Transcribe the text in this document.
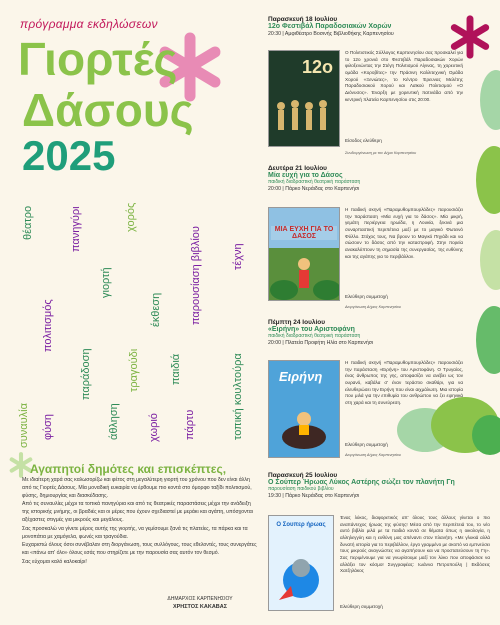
πρόγραμμα εκδηλώσεων
Γιορτές
Δάσους
2025
θέατρο	πανηγύρι	χορός
πολιτισμός
γιορτή
έκθεση	παρουσίαση βιβλίου	τέχνη
συναυλία φύση
παράδοση
άθληση
τραγούδι
χωριό
παιδιά
πάρτυ	τοπική κουλτούρα
Αγαπητοί δημότες και επισκέπτες,

Με ιδιαίτερη χαρά σας καλωσορίζω και φέτος στη μεγαλύτερη γιορτή του χρόνου που δεν είναι άλλη από τις Γιορτές Δάσους. Μία μοναδική ευκαιρία να έρθουμε πιο κοντά στο όμορφο ταξίδι πολιτισμού, φύσης, δημιουργίας και διασκέδασης.

Από τις συναυλίες μέχρι τα τοπικά πανηγύρια και από τις θεατρικές παραστάσεις μέχρι την ανάδειξη της ιστορικής μνήμης, οι βραδιές και οι μέρες που έχουν σχεδιαστεί με μεράκι και αγάπη, υπόσχονται αξέχαστες στιγμές για μικρούς και μεγάλους.

Σας προσκαλώ να γίνετε μέρος αυτής της γιορτής, να γεμίσουμε ξανά τις πλατείες, τα πάρκα και τα μονοπάτια με χαμόγελα, φωνές και τραγούδια.

Ευχαριστώ όλους όσοι συνέβαλαν στη διοργάνωση, τους συλλόγους, τους εθελοντές, τους συνεργάτες και «πάνω απ' όλο» όλους εσάς που στηρίζετε με την παρουσία σας αυτόν τον θεσμό.

Σας εύχομαι καλό καλοκαίρι!

ΔΗΜΑΡΧΟΣ ΚΑΡΠΕΝΗΣΙΟΥ
ΧΡΗΣΤΟΣ ΚΑΚΑΒΑΣ
Παρασκευή 18 Ιουλίου
12ο Φεστιβάλ Παραδοσιακών Χορών
20:30 | Αμφιθέατρο Βοσινής Βιβλιοθήκης Καρπενησίου
12ο
Ο Πολιτιστικός Σύλλογος Καρπενησίου σας προσκαλεί για το 12ο χρονιά στο Φεστιβάλ Παραδοσιακών Χορών φιλοξενώντας την Στέγη Πολιτισμού Αίγινας, τη χορευτική ομάδα «Κοροβίτες» την Πράσινη Καλλιτεχνική Ομάδα Χορού «Ξενιώτες», το Κέντρο Έρευνας Μελέτης Παραδοσιακού Χορού και Λαϊκού Πολιτισμού «Ο Διόνυσος». Έναρξη με χορευτική πατινάδα από την κεντρική πλατεία Καρπενησίου στις 20:00.
Είσοδος ελεύθερη
Συνδιοργάνωση με τον Δήμο Καρπενησίου
Δευτέρα 21 Ιουλίου
Μία ευχή για το Δάσος
παιδική διαδραστική θεατρική παράσταση
20:00 | Πάρκο Νεράιδας στο Καρπενήσι
ΜΙΑ ΕΥΧΗ ΓΙΑ ΤΟ ΔΑΣΟΣ
Η παιδική σκηνή «Παραμυθομπουρλόδες» παρουσιάζει την παράσταση «Μία ευχή για το δάσος». Μία μικρή, γεμάτη περιέργεια ηρωίδα, η Λουκία, ξεκινά μια συναρπαστική περιπέτεια μαζί με το μαγικό Φωτεινό Φύλλο. Στόχος τους, Να βρουν το Μαγικό Πηγάδι και να σώσουν το δάσος από την καταστροφή. Στην πορεία ανακαλύπτουν τη σημασία της συνεργασίας, της ευθύνης και της αγάπης για το περιβάλλον.
Ελεύθερη συμμετοχή
Διοργάνωση Δήμος Καρπενησίου
Πέμπτη 24 Ιουλίου
«Ειρήνη» του Αριστοφάνη
παιδική διαδραστική θεατρική παράσταση
20:00 | Πλατεία Προφήτη Ηλία στο Καρπενήσι
Ειρήνη
Η παιδική σκηνή «Παραμυθομπουρλόδες» παρουσιάζει την παράσταση «Ειρήνη» του Αριστοφάνη. Ο Τρυγαίος, ένας άνθρωπος της γης, αποφασίζει να ανέβει ως τον ουρανό, καβάλα σ' έναν τεράστιο σκαθάρι, για να ελευθερώσει την Ειρήνη που είναι αιχμάλωτη. Μια ιστορία που μιλά για την επιθυμία του ανθρώπου να ζει ειρηνικά στη χαρά και τη συνεύρεση.
Ελεύθερη συμμετοχή
Διοργάνωση Δήμος Καρπενησίου
Παρασκευή 25 Ιουλίου
Ο Σούπερ Ήρωας Λύκος Αστέρης σώζει τον πλανήτη Γη
παρουσίαση παιδικού βιβλίου
19:30 | Πάρκο Νεράιδας στο Καρπενήσι
Ο Σουπερ ήρωας
Ένας λύκος, διαφορετικός απ' όλους τους άλλους γίνεται ο πιο αναπάντεχος ήρωας της φύσης! Μέσα από την περιπέτειά του, το νέο αυτό βιβλίο μιλά με τα παιδιά κοντά σε θέματα όπως η οικολογία, η αλληλεγγύη και η ευθύνη μας απέναντι στον πλανήτη. «Με γλυκιά αλλά δυνατή ιστορία για το περιβάλλον, έργο γραμμένο με σκοπό να εμπνεύσει τους μικρούς αναγνώστες να αγαπήσουν και να προστατεύσουν τη Γη». Σας περιμένουμε για να γνωρίσουμε μαζί τον λύκο που αποφάσισε να αλλάξει τον κόσμο! Συγγραφέας: Ιωάννα Πετροπούλη | Εκδόσεις Χατζηλάκος
Ελεύθερη συμμετοχή
